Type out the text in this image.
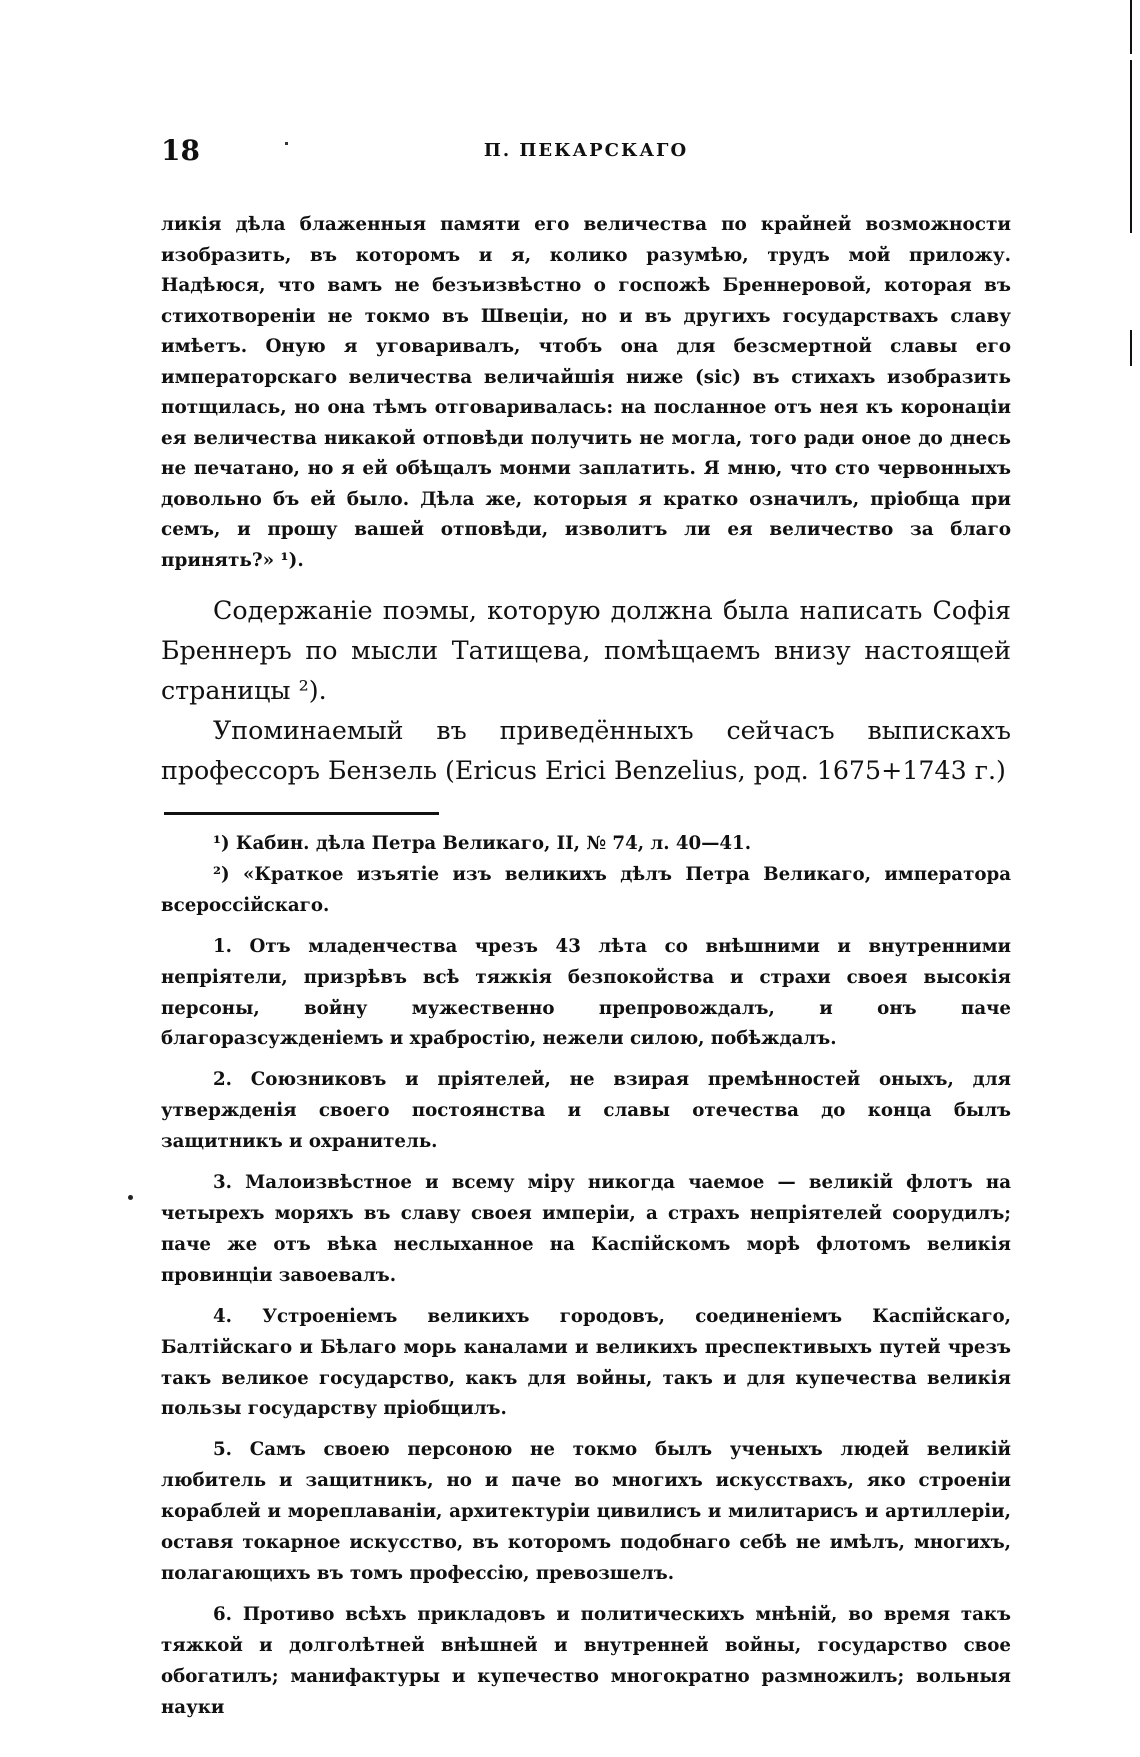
18	П. ПЕКАРСКАГО

ликія дѣла блаженныя памяти его величества по крайней возможности изобразить, въ которомъ и я, колико разумѣю, трудъ мой приложу. Надѣюся, что вамъ не безъизвѣстно о госпожѣ Бреннеровой, которая въ стихотвореніи не токмо въ Швеціи, но и въ другихъ государствахъ славу имѣетъ. Оную я уговаривалъ, чтобъ она для безсмертной славы его императорскаго величества величайшія ниже (sic) въ стихахъ изобразить потщилась, но она тѣмъ отговаривалась: на посланное отъ нея къ коронаціи ея величества никакой отповѣди получить не могла, того ради оное до днесь не печатано, но я ей обѣщалъ монми заплатить. Я мню, что сто червонныхъ довольно бъ ей было. Дѣла же, которыя я кратко означилъ, пріобща при семъ, и прошу вашей отповѣди, изволитъ ли ея величество за благо принять?» ¹).

Содержаніе поэмы, которую должна была написать Софія Бреннеръ по мысли Татищева, помѣщаемъ внизу настоящей страницы ²).

Упоминаемый въ приведённыхъ сейчасъ выпискахъ профессоръ Бензель (Ericus Erici Benzelius, род. 1675+1743 г.)

¹) Кабин. дѣла Петра Великаго, II, № 74, л. 40—41.

²) «Краткое изъятіе изъ великихъ дѣлъ Петра Великаго, императора всероссійскаго.

1. Отъ младенчества чрезъ 43 лѣта со внѣшними и внутренними непріятели, призрѣвъ всѣ тяжкія безпокойства и страхи своея высокія персоны, войну мужественно препровождалъ, и онъ паче благоразсужденіемъ и храбростію, нежели силою, побѣждалъ.

2. Союзниковъ и пріятелей, не взирая премѣнностей оныхъ, для утвержденія своего постоянства и славы отечества до конца былъ защитникъ и охранитель.

3. Малоизвѣстное и всему міру никогда чаемое — великій флотъ на четырехъ моряхъ въ славу своея имперіи, а страхъ непріятелей соорудилъ; паче же отъ вѣка неслыханное на Каспійскомъ морѣ флотомъ великія провинціи завоевалъ.

4. Устроеніемъ великихъ городовъ, соединеніемъ Каспійскаго, Балтійскаго и Бѣлаго морь каналами и великихъ преспективыхъ путей чрезъ такъ великое государство, какъ для войны, такъ и для купечества великія пользы государству пріобщилъ.

5. Самъ своею персоною не токмо былъ ученыхъ людей великій любитель и защитникъ, но и паче во многихъ искусствахъ, яко строеніи кораблей и мореплаваніи, архитектуріи цивилисъ и милитарисъ и артиллеріи, оставя токарное искусство, въ которомъ подобнаго себѣ не имѣлъ, многихъ, полагающихъ въ томъ профессію, превозшелъ.

6. Противо всѣхъ прикладовъ и политическихъ мнѣній, во время такъ тяжкой и долголѣтней внѣшней и внутренней войны, государство свое обогатилъ; манифактуры и купечество многократно размножилъ; вольныя науки
